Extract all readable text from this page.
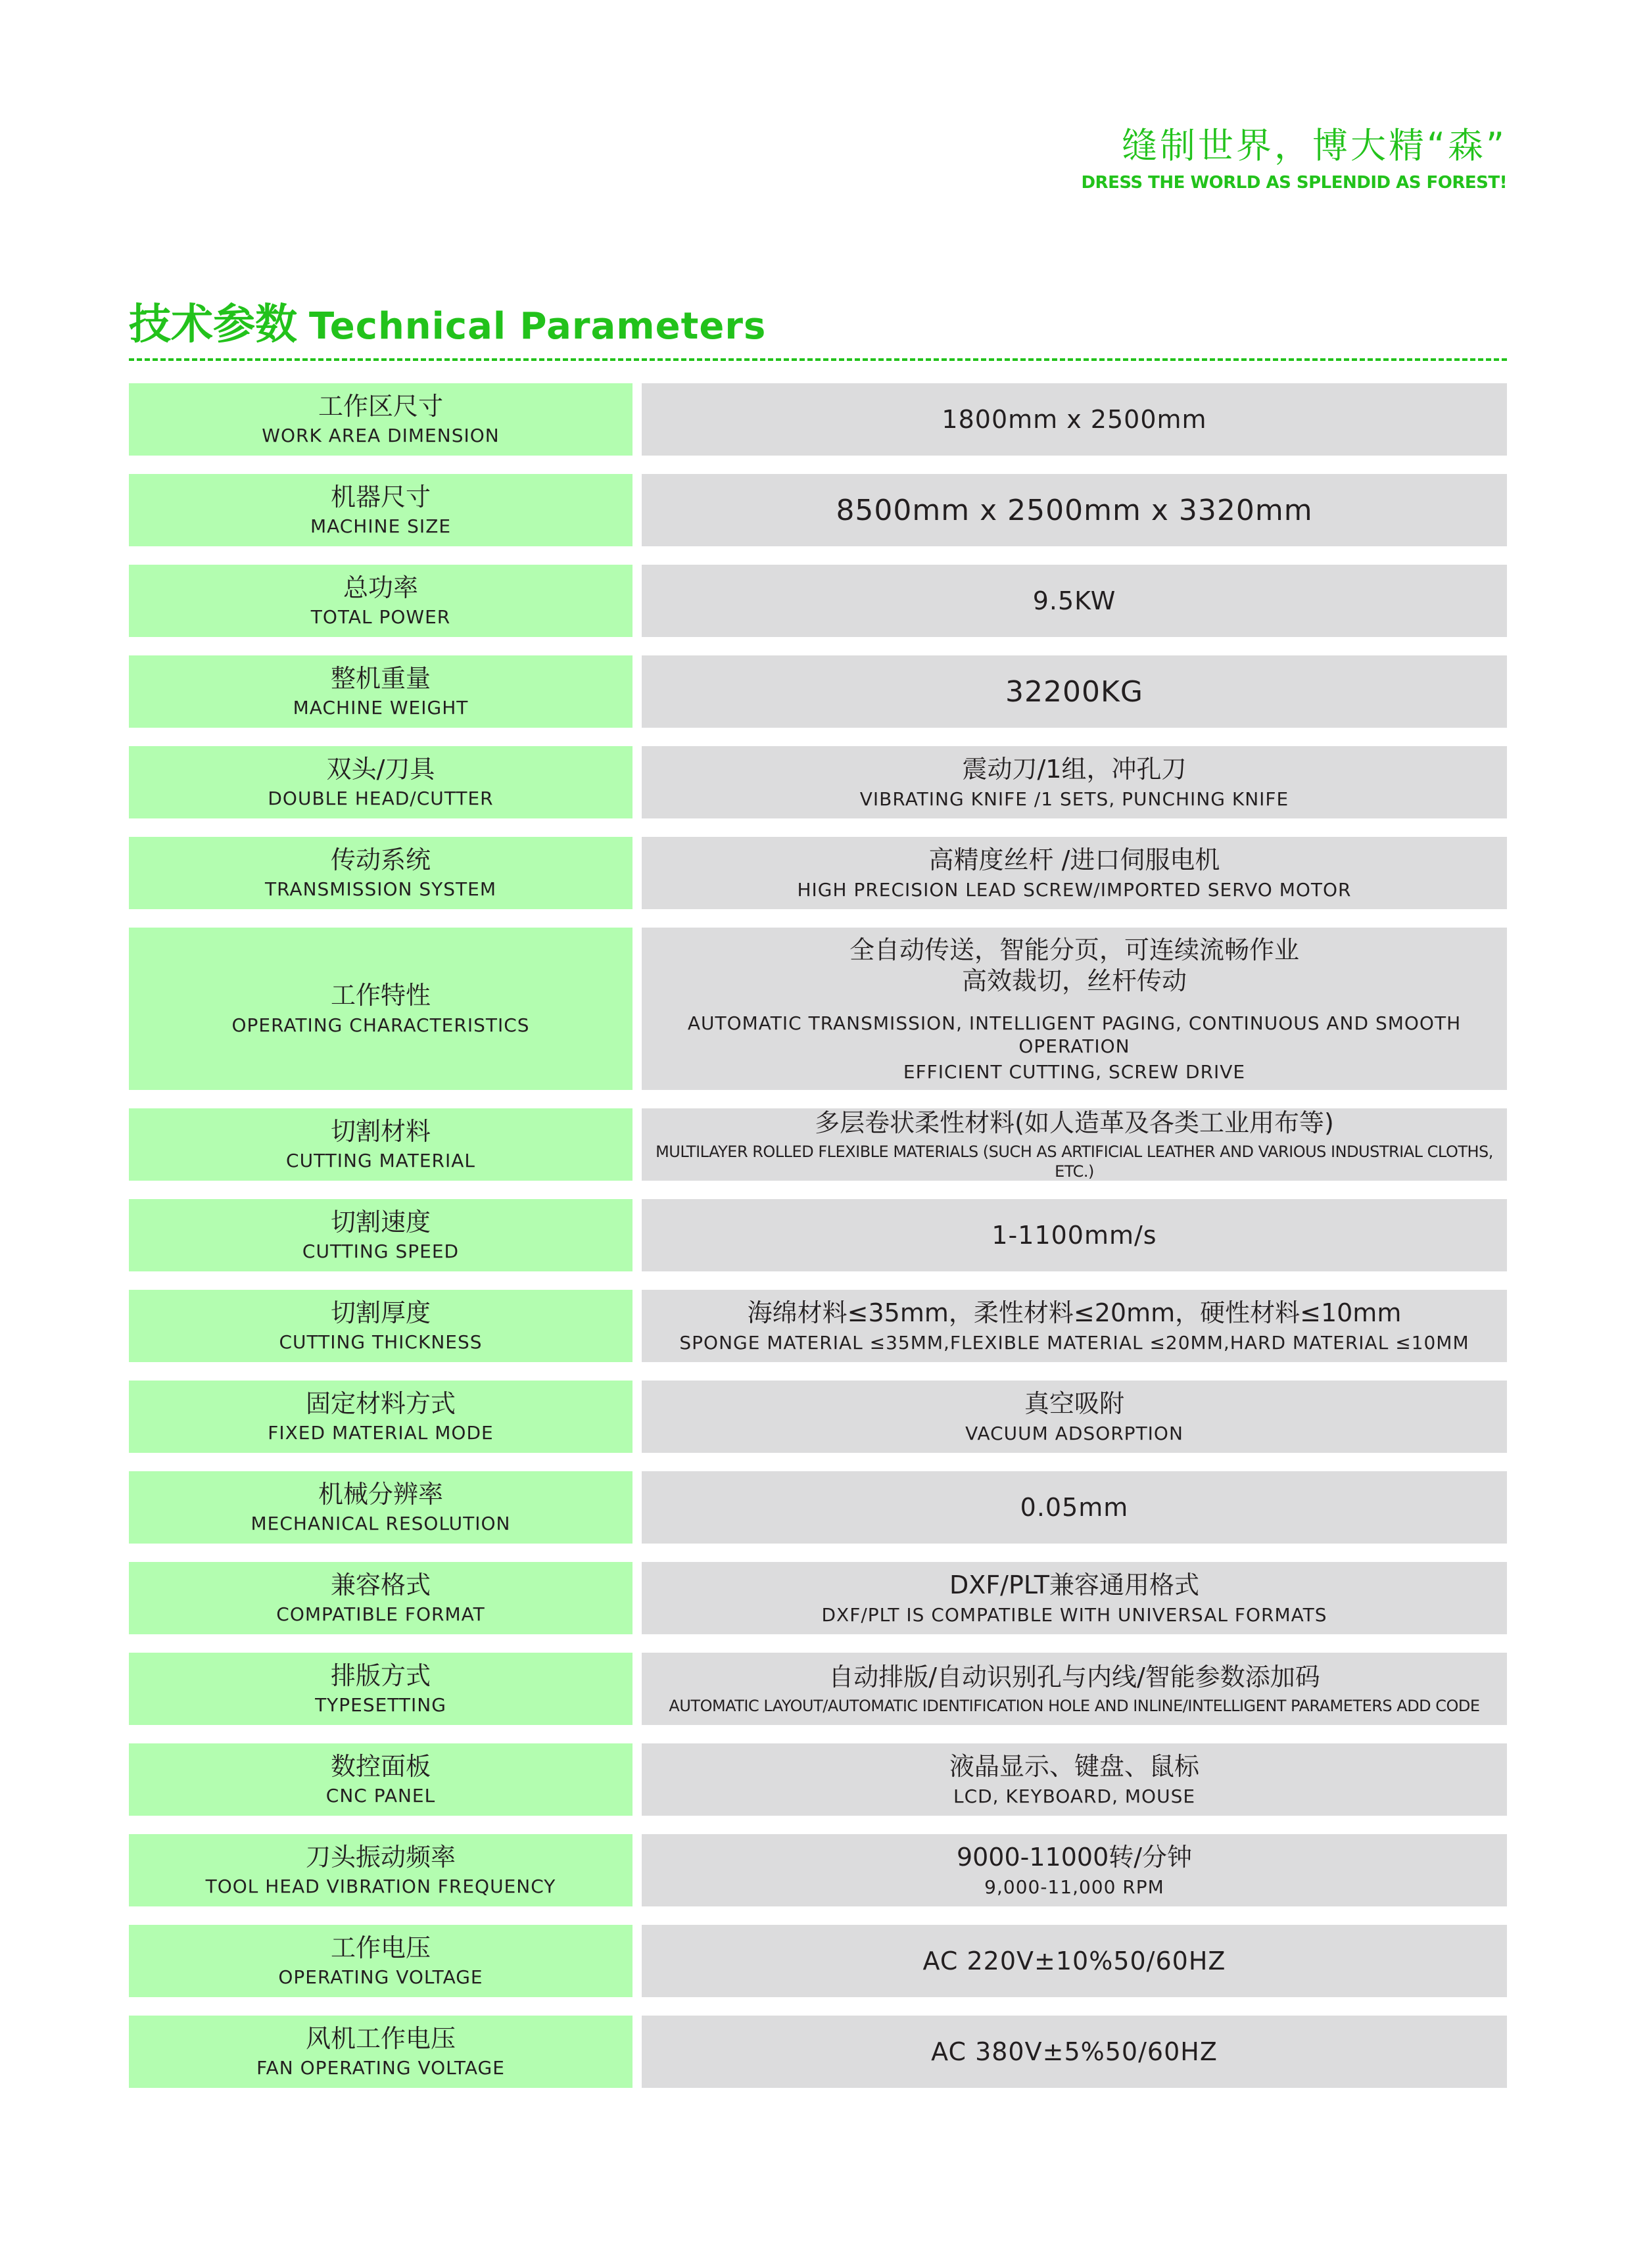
缝制世界，博大精“森”
DRESS THE WORLD AS SPLENDID AS FOREST!
技术参数 Technical Parameters
工作区尺寸
WORK AREA DIMENSION
1800mm x 2500mm
机器尺寸
MACHINE SIZE	8500mm x 2500mm x 3320mm
总功率
TOTAL POWER
9.5KW
整机重量
MACHINE WEIGHT	32200KG
双头/刀具
DOUBLE HEAD/CUTTER
震动刀/1组，冲孔刀
VIBRATING KNIFE /1 SETS, PUNCHING KNIFE
传动系统
TRANSMISSION SYSTEM
高精度丝杆 /进口伺服电机
HIGH PRECISION LEAD SCREW/IMPORTED SERVO MOTOR
工作特性
OPERATING CHARACTERISTICS
全自动传送，智能分页，可连续流畅作业
高效裁切，丝杆传动
AUTOMATIC TRANSMISSION, INTELLIGENT PAGING, CONTINUOUS AND SMOOTH OPERATION
EFFICIENT CUTTING, SCREW DRIVE
切割材料
CUTTING MATERIAL
多层卷状柔性材料(如人造革及各类工业用布等)
MULTILAYER ROLLED FLEXIBLE MATERIALS (SUCH AS ARTIFICIAL LEATHER AND VARIOUS INDUSTRIAL CLOTHS, ETC.)
切割速度
CUTTING SPEED
1-1100mm/s
切割厚度
CUTTING THICKNESS
海绵材料≤35mm，柔性材料≤20mm，硬性材料≤10mm
SPONGE MATERIAL ≤35MM,FLEXIBLE MATERIAL ≤20MM,HARD MATERIAL ≤10MM
固定材料方式
FIXED MATERIAL MODE
真空吸附
VACUUM ADSORPTION
机械分辨率
MECHANICAL RESOLUTION
0.05mm
兼容格式
COMPATIBLE FORMAT
DXF/PLT兼容通用格式
DXF/PLT IS COMPATIBLE WITH UNIVERSAL FORMATS
排版方式
TYPESETTING
自动排版/自动识别孔与内线/智能参数添加码
AUTOMATIC LAYOUT/AUTOMATIC IDENTIFICATION HOLE AND INLINE/INTELLIGENT PARAMETERS ADD CODE
数控面板
CNC PANEL
液晶显示、键盘、鼠标
LCD, KEYBOARD, MOUSE
刀头振动频率
TOOL HEAD VIBRATION FREQUENCY
9000-11000转/分钟
9,000-11,000 RPM
工作电压
OPERATING VOLTAGE
AC 220V±10%50/60HZ
风机工作电压
FAN OPERATING VOLTAGE
AC 380V±5%50/60HZ
